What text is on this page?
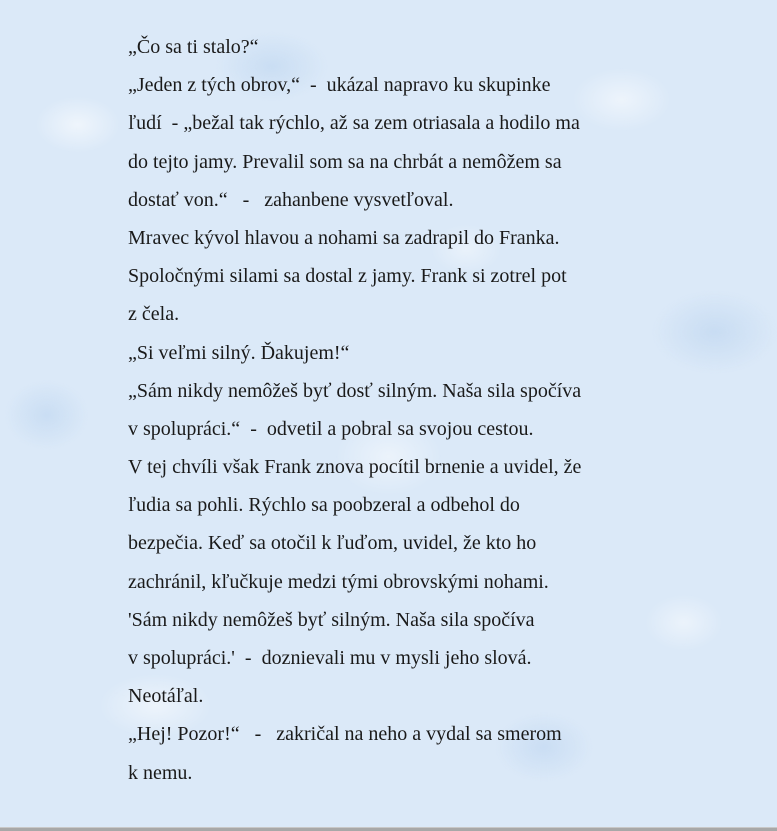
„Čo sa ti stalo?“
„Jeden z tých obrov,“  -  ukázal napravo ku skupinke
ľudí  - „bežal tak rýchlo, až sa zem otriasala a hodilo ma
do tejto jamy. Prevalil som sa na chrbát a nemôžem sa
dostať von.“   -   zahanbene vysvetľoval.
Mravec kývol hlavou a nohami sa zadrapil do Franka.
Spoločnými silami sa dostal z jamy. Frank si zotrel pot
z čela.
„Si veľmi silný. Ďakujem!“
„Sám nikdy nemôžeš byť dosť silným. Naša sila spočíva
v spolupráci.“  -  odvetil a pobral sa svojou cestou.
V tej chvíli však Frank znova pocítil brnenie a uvidel, že
ľudia sa pohli. Rýchlo sa poobzeral a odbehol do
bezpečia. Keď sa otočil k ľuďom, uvidel, že kto ho
zachránil, kľučkuje medzi tými obrovskými nohami.
'Sám nikdy nemôžeš byť silným. Naša sila spočíva
v spolupráci.'  -  doznievali mu v mysli jeho slová.
Neotáľal.
„Hej! Pozor!“   -   zakričal na neho a vydal sa smerom
k nemu.
